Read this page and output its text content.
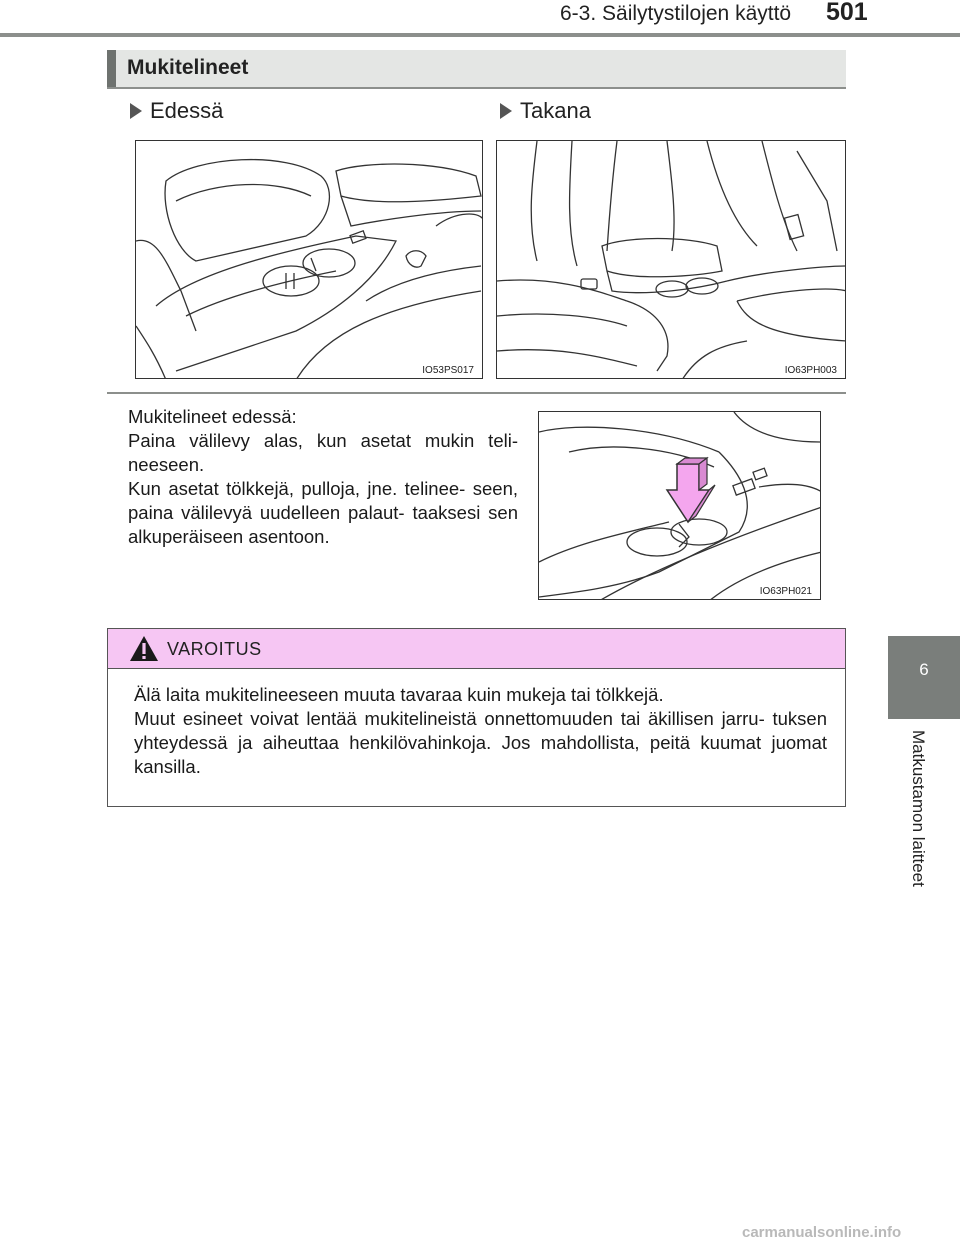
6-3. Säilytystilojen käyttö 501
6
Matkustamon laitteet
Mukitelineet
Edessä	Takana
IO53PS017	IO63PH003

Mukitelineet edessä:

Paina välilevy alas, kun asetat mukin teli- neeseen.

Kun asetat tölkkejä, pulloja, jne. telinee- seen, paina välilevyä uudelleen palaut- taaksesi sen alkuperäiseen asentoon.

IO63PH021
VAROITUS

Älä laita mukitelineeseen muuta tavaraa kuin mukeja tai tölkkejä.

Muut esineet voivat lentää mukitelineistä onnettomuuden tai äkillisen jarru- tuksen yhteydessä ja aiheuttaa henkilövahinkoja. Jos mahdollista, peitä kuumat juomat kansilla.

carmanualsonline.info
